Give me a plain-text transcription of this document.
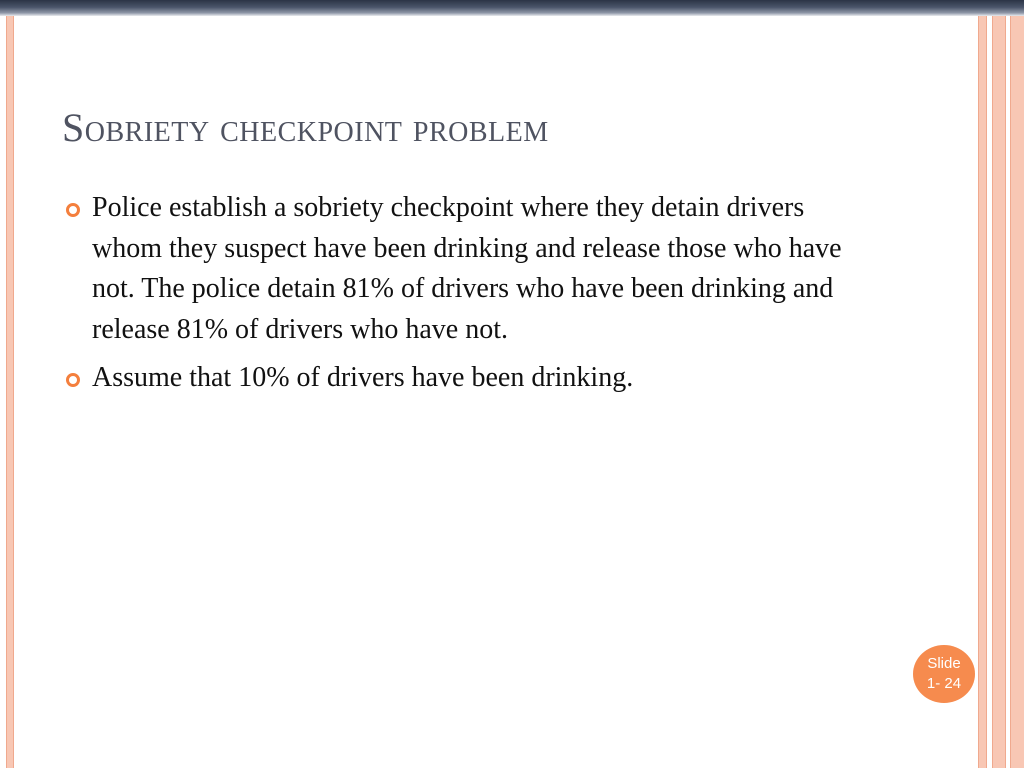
Sobriety checkpoint problem
Police establish a sobriety checkpoint where they detain drivers whom they suspect have been drinking and release those who have not. The police detain 81% of drivers who have been drinking and release 81% of drivers who have not.
Assume that 10% of drivers have been drinking.
Slide
1- 24
